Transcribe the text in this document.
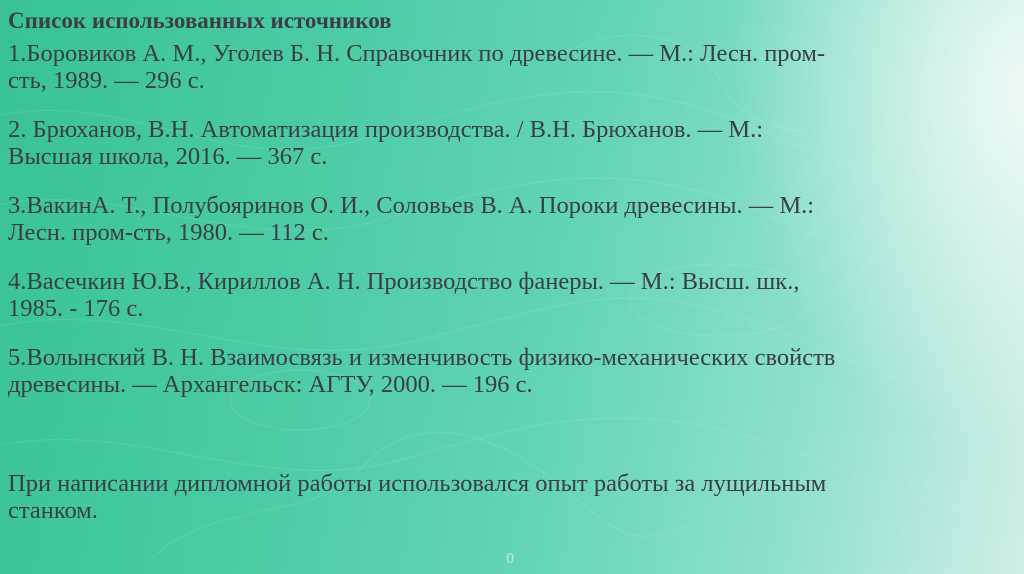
Список использованных источников
1.Боровиков А. М., Уголев Б. Н. Справочник по древесине. — М.: Лесн. пром-
сть, 1989. — 296 с.
2. Брюханов, В.Н. Автоматизация производства. / В.Н. Брюханов. — М.:
Высшая школа, 2016. — 367 с.
3.ВакинА. Т., Полубояринов О. И., Соловьев В. А. Пороки древесины. — М.:
Лесн. пром-сть, 1980. — 112 с.
4.Васечкин Ю.В., Кириллов А. Н. Производство фанеры. — М.: Высш. шк.,
1985. - 176 с.
5.Волынский В. Н. Взаимосвязь и изменчивость физико-механических свойств
древесины. — Архангельск: АГТУ, 2000. — 196 с.
При написании дипломной работы использовался опыт работы за лущильным
станком.
0
